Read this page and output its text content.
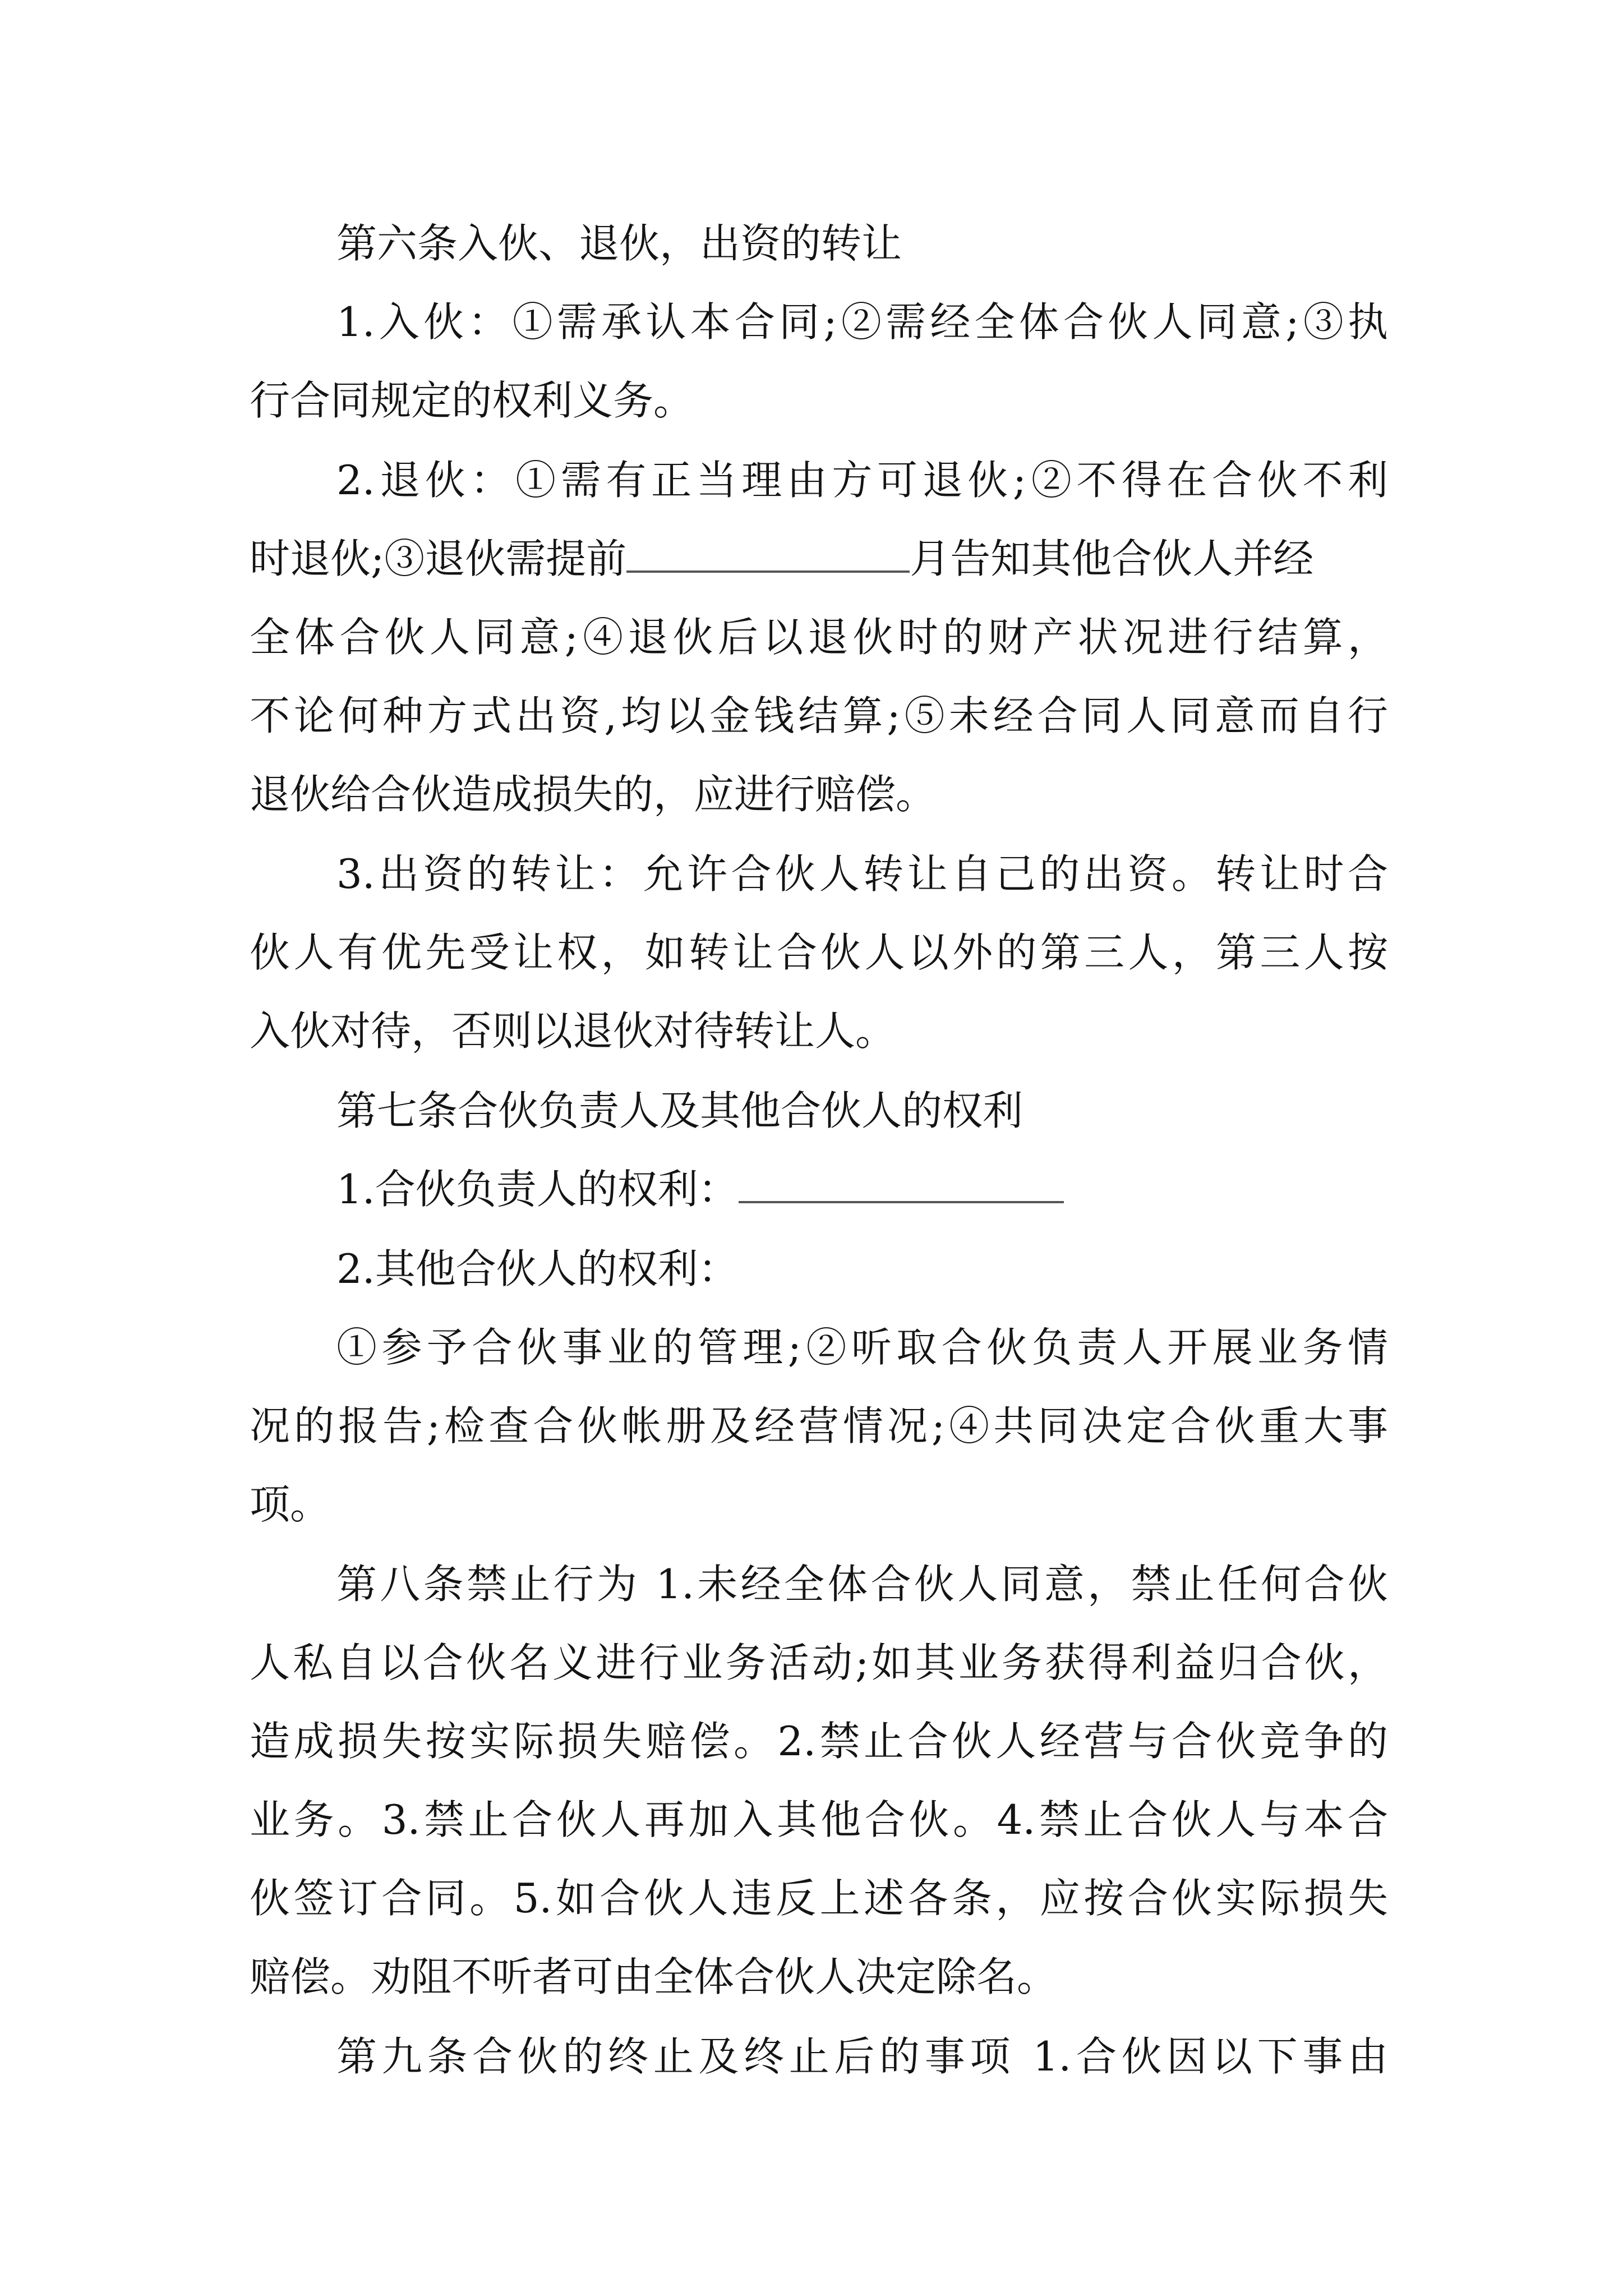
第六条入伙、退伙，出资的转让
1.入伙：①需承认本合同;②需经全体合伙人同意;③执
行合同规定的权利义务。
2.退伙：①需有正当理由方可退伙;②不得在合伙不利
时退伙;③退伙需提前	月告知其他合伙人并经
全体合伙人同意;④退伙后以退伙时的财产状况进行结算，
不论何种方式出资,均以金钱结算;⑤未经合同人同意而自行
退伙给合伙造成损失的，应进行赔偿。
3.出资的转让：允许合伙人转让自己的出资。转让时合
伙人有优先受让权，如转让合伙人以外的第三人，第三人按
入伙对待，否则以退伙对待转让人。
第七条合伙负责人及其他合伙人的权利
1.合伙负责人的权利：
2.其他合伙人的权利：
①参予合伙事业的管理;②听取合伙负责人开展业务情
况的报告;检查合伙帐册及经营情况;④共同决定合伙重大事
项。
第八条禁止行为 1.未经全体合伙人同意，禁止任何合伙
人私自以合伙名义进行业务活动;如其业务获得利益归合伙，
造成损失按实际损失赔偿。2.禁止合伙人经营与合伙竞争的
业务。3.禁止合伙人再加入其他合伙。4.禁止合伙人与本合
伙签订合同。5.如合伙人违反上述各条，应按合伙实际损失
赔偿。劝阻不听者可由全体合伙人决定除名。
第九条合伙的终止及终止后的事项 1.合伙因以下事由
